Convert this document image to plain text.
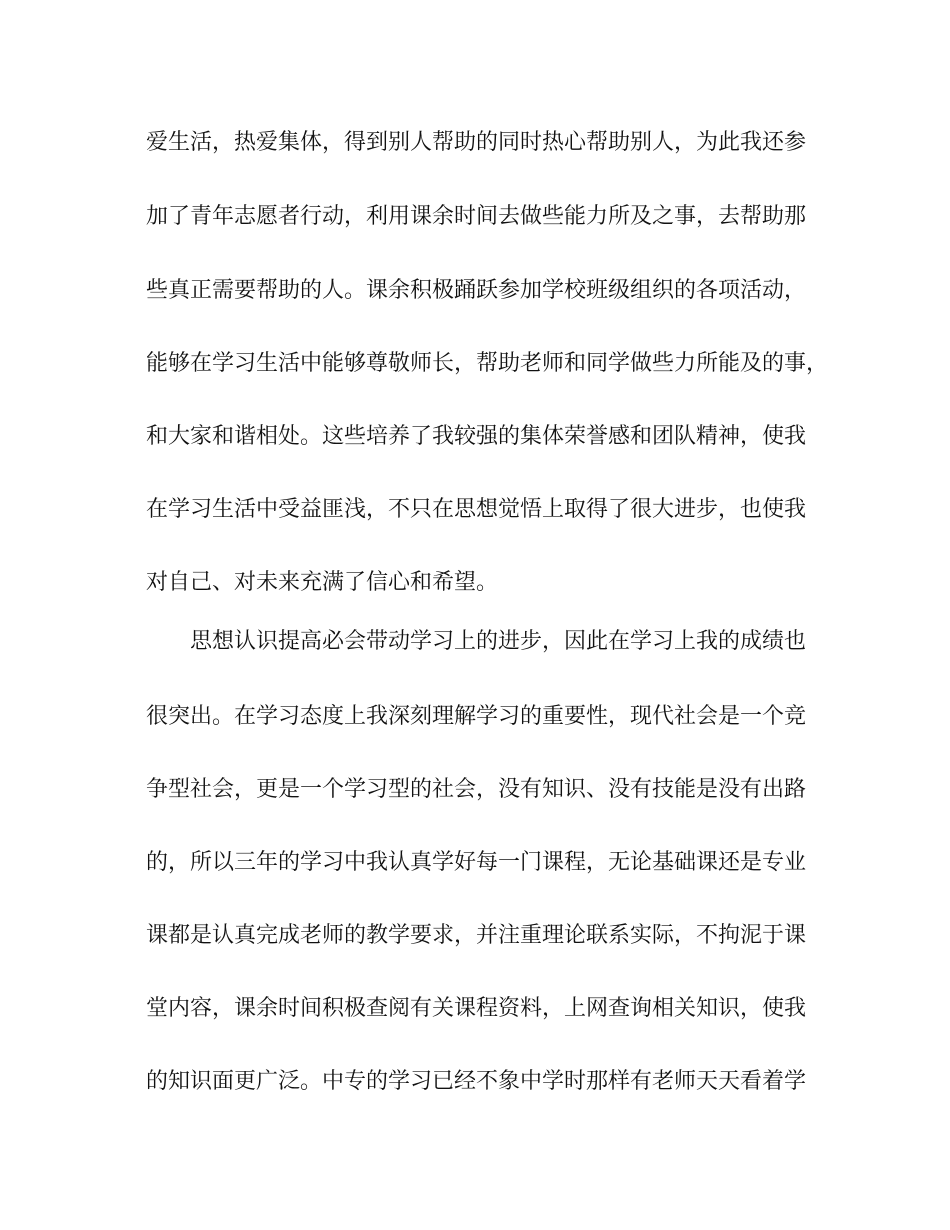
爱生活，热爱集体，得到别人帮助的同时热心帮助别人，为此我还参
加了青年志愿者行动，利用课余时间去做些能力所及之事，去帮助那
些真正需要帮助的人。课余积极踊跃参加学校班级组织的各项活动，
能够在学习生活中能够尊敬师长，帮助老师和同学做些力所能及的事，
和大家和谐相处。这些培养了我较强的集体荣誉感和团队精神，使我
在学习生活中受益匪浅，不只在思想觉悟上取得了很大进步，也使我
对自己、对未来充满了信心和希望。
思想认识提高必会带动学习上的进步，因此在学习上我的成绩也
很突出。在学习态度上我深刻理解学习的重要性，现代社会是一个竞
争型社会，更是一个学习型的社会，没有知识、没有技能是没有出路
的，所以三年的学习中我认真学好每一门课程，无论基础课还是专业
课都是认真完成老师的教学要求，并注重理论联系实际，不拘泥于课
堂内容，课余时间积极查阅有关课程资料，上网查询相关知识，使我
的知识面更广泛。中专的学习已经不象中学时那样有老师天天看着学
